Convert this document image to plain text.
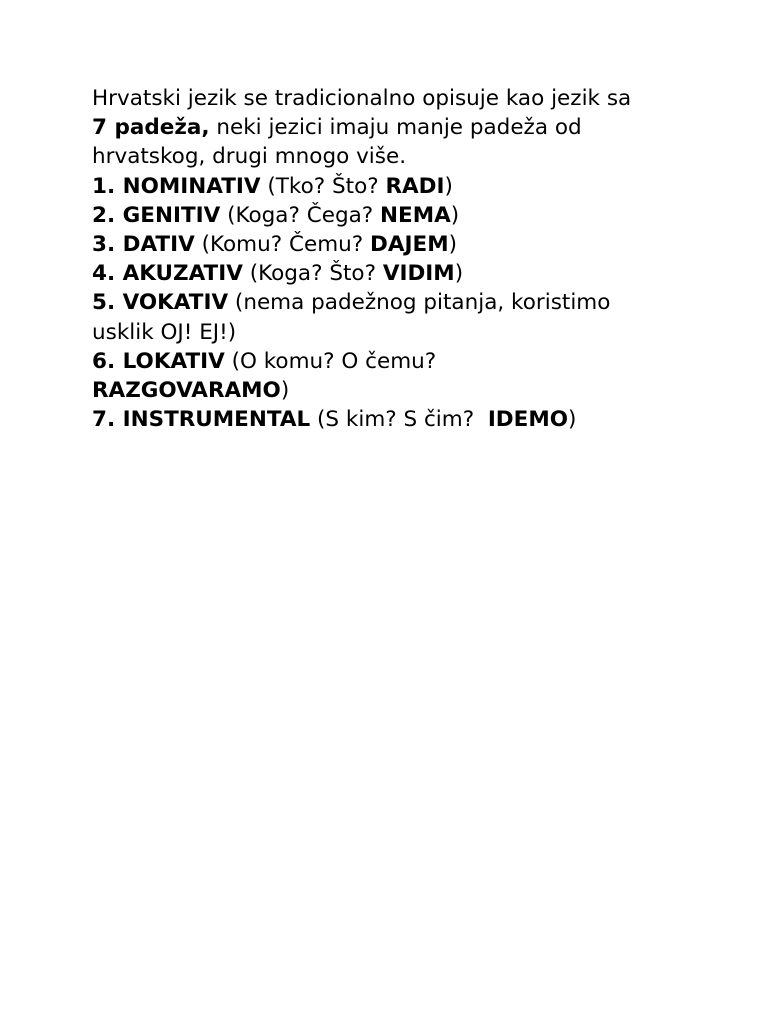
Hrvatski jezik se tradicionalno opisuje kao jezik sa
7 padeža, neki jezici imaju manje padeža od
hrvatskog, drugi mnogo više.

1. NOMINATIV (Tko? Što? RADI)

2. GENITIV (Koga? Čega? NEMA)

3. DATIV (Komu? Čemu? DAJEM)

4. AKUZATIV (Koga? Što? VIDIM)

5. VOKATIV (nema padežnog pitanja, koristimo
usklik OJ! EJ!)

6. LOKATIV (O komu? O čemu?
RAZGOVARAMO)

7. INSTRUMENTAL (S kim? S čim?  IDEMO)
